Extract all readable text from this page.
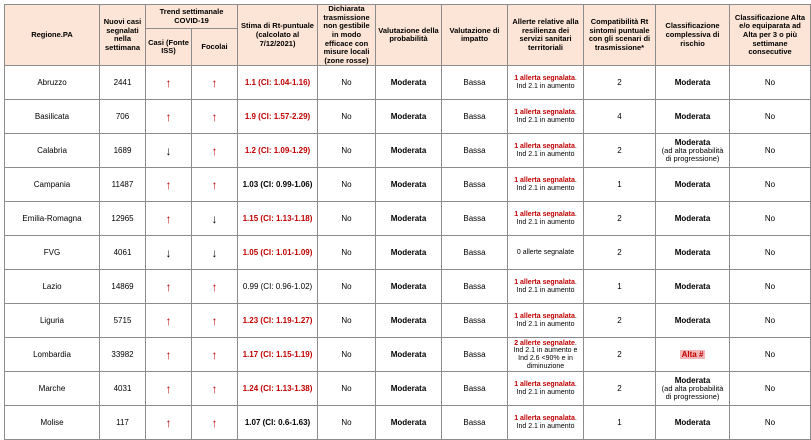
Regione.PA	Nuovi casi segnalati nella settimana	Trend settimanale COVID-19		Stima di Rt-puntuale (calcolato al 7/12/2021)	Dichiarata trasmissione non gestibile in modo efficace con misure locali (zone rosse)	Valutazione della probabilità	Valutazione di impatto	Allerte relative alla resilienza dei servizi sanitari territoriali	Compatibilità Rt sintomi puntuale con gli scenari di trasmissione*	Classificazione complessiva di rischio	Classificazione Alta e/o equiparata ad Alta per 3 o più settimane consecutive
		Casi (Fonte ISS)	Focolai								
Abruzzo	2441	↑	↑	1.1 (CI: 1.04-1.16)	No	Moderata	Bassa	1 allerta segnalata. Ind 2.1 in aumento	2	Moderata	No
Basilicata	706	↑	↑	1.9 (CI: 1.57-2.29)	No	Moderata	Bassa	1 allerta segnalata. Ind 2.1 in aumento	4	Moderata	No
Calabria	1689	↓	↑	1.2 (CI: 1.09-1.29)	No	Moderata	Bassa	1 allerta segnalata. Ind 2.1 in aumento	2	Moderata
(ad alta probabilità di progressione)	No
Campania	11487	↑	↑	1.03 (CI: 0.99-1.06)	No	Moderata	Bassa	1 allerta segnalata. Ind 2.1 in aumento	1	Moderata	No
Emilia-Romagna	12965	↑	↓	1.15 (CI: 1.13-1.18)	No	Moderata	Bassa	1 allerta segnalata. Ind 2.1 in aumento	2	Moderata	No
FVG	4061	↓	↓	1.05 (CI: 1.01-1.09)	No	Moderata	Bassa	0 allerte segnalate	2	Moderata	No
Lazio	14869	↑	↑	0.99 (CI: 0.96-1.02)	No	Moderata	Bassa	1 allerta segnalata. Ind 2.1 in aumento	1	Moderata	No
Liguria	5715	↑	↑	1.23 (CI: 1.19-1.27)	No	Moderata	Bassa	1 allerta segnalata. Ind 2.1 in aumento	2	Moderata	No
Lombardia	33982	↑	↑	1.17 (CI: 1.15-1.19)	No	Moderata	Bassa	2 allerte segnalate. Ind 2.1 in aumento e Ind 2.6 <90% e in diminuzione	2	Alta #	No
Marche	4031	↑	↑	1.24 (CI: 1.13-1.38)	No	Moderata	Bassa	1 allerta segnalata. Ind 2.1 in aumento	2	Moderata
(ad alta probabilità di progressione)	No
Molise	117	↑	↑	1.07 (CI: 0.6-1.63)	No	Moderata	Bassa	1 allerta segnalata. Ind 2.1 in aumento	1	Moderata	No
